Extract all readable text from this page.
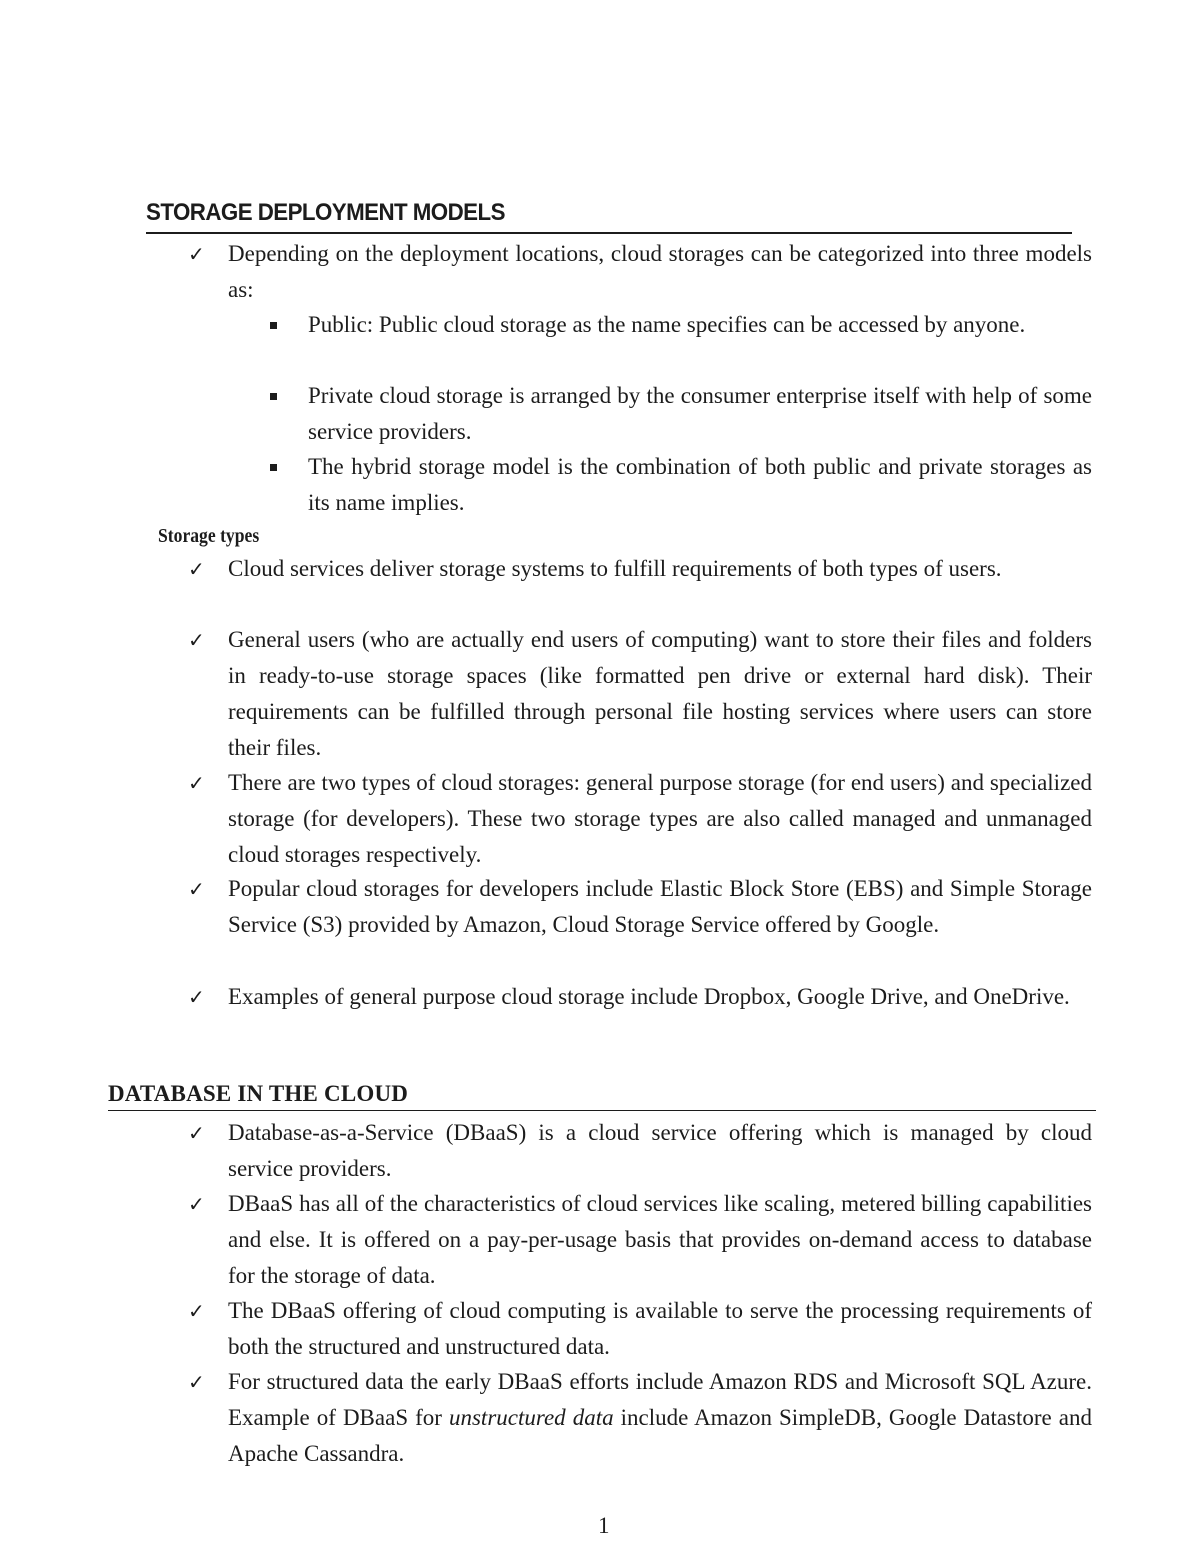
STORAGE DEPLOYMENT MODELS
✓ Depending on the deployment locations, cloud storages can be categorized into three models as:

Public: Public cloud storage as the name specifies can be accessed by anyone.

Private cloud storage is arranged by the consumer enterprise itself with help of some service providers.

The hybrid storage model is the combination of both public and private storages as its name implies.

Storage types

✓ Cloud services deliver storage systems to fulfill requirements of both types of users.

✓ General users (who are actually end users of computing) want to store their files and folders in ready-to-use storage spaces (like formatted pen drive or external hard disk). Their requirements can be fulfilled through personal file hosting services where users can store their files.

✓ There are two types of cloud storages: general purpose storage (for end users) and specialized storage (for developers). These two storage types are also called managed and unmanaged cloud storages respectively.

✓ Popular cloud storages for developers include Elastic Block Store (EBS) and Simple Storage Service (S3) provided by Amazon, Cloud Storage Service offered by Google.

✓ Examples of general purpose cloud storage include Dropbox, Google Drive, and OneDrive.

DATABASE IN THE CLOUD
✓ Database-as-a-Service (DBaaS) is a cloud service offering which is managed by cloud service providers.

✓ DBaaS has all of the characteristics of cloud services like scaling, metered billing capabilities and else. It is offered on a pay-per-usage basis that provides on-demand access to database for the storage of data.

✓ The DBaaS offering of cloud computing is available to serve the processing requirements of both the structured and unstructured data.

✓ For structured data the early DBaaS efforts include Amazon RDS and Microsoft SQL Azure. Example of DBaaS for unstructured data include Amazon SimpleDB, Google Datastore and Apache Cassandra.

1
